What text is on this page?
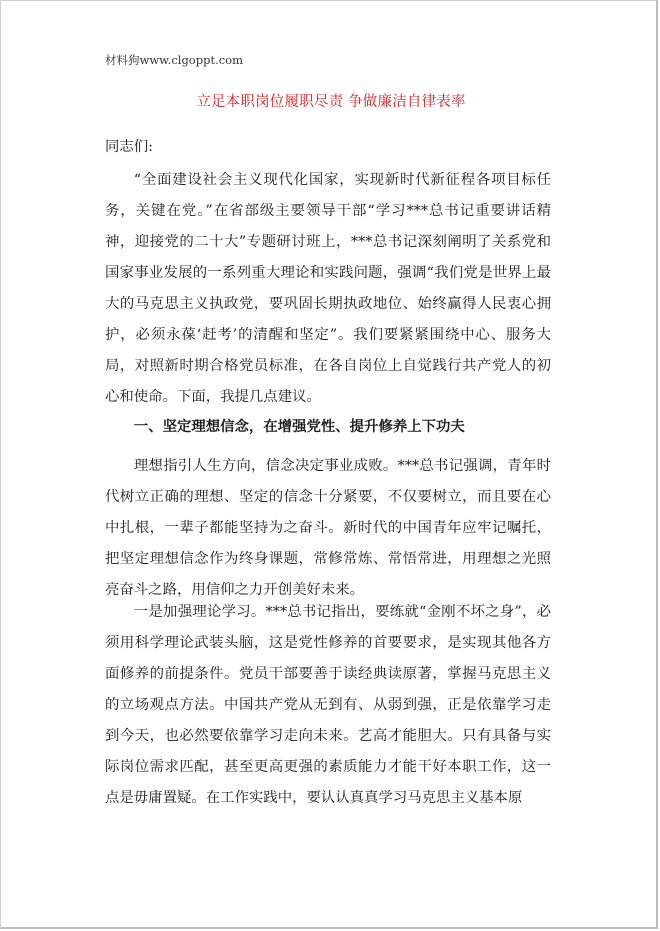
材料狗www.clgoppt.com
立足本职岗位履职尽责 争做廉洁自律表率
同志们:
“全面建设社会主义现代化国家，实现新时代新征程各项目标任务，关键在党。”在省部级主要领导干部“学习***总书记重要讲话精神，迎接党的二十大”专题研讨班上，***总书记深刻阐明了关系党和国家事业发展的一系列重大理论和实践问题，强调“我们党是世界上最大的马克思主义执政党，要巩固长期执政地位、始终赢得人民衷心拥护，必须永葆‘赶考’的清醒和坚定”。我们要紧紧围绕中心、服务大局，对照新时期合格党员标准，在各自岗位上自觉践行共产党人的初心和使命。下面，我提几点建议。
一、坚定理想信念，在增强党性、提升修养上下功夫
理想指引人生方向，信念决定事业成败。***总书记强调，青年时代树立正确的理想、坚定的信念十分紧要，不仅要树立，而且要在心中扎根，一辈子都能坚持为之奋斗。新时代的中国青年应牢记嘱托，把坚定理想信念作为终身课题，常修常炼、常悟常进，用理想之光照亮奋斗之路，用信仰之力开创美好未来。
一是加强理论学习。***总书记指出，要练就“金刚不坏之身”，必须用科学理论武装头脑，这是党性修养的首要要求，是实现其他各方面修养的前提条件。党员干部要善于读经典读原著，掌握马克思主义的立场观点方法。中国共产党从无到有、从弱到强，正是依靠学习走到今天，也必然要依靠学习走向未来。艺高才能胆大。只有具备与实际岗位需求匹配，甚至更高更强的素质能力才能干好本职工作，这一点是毋庸置疑。在工作实践中，要认认真真学习马克思主义基本原
